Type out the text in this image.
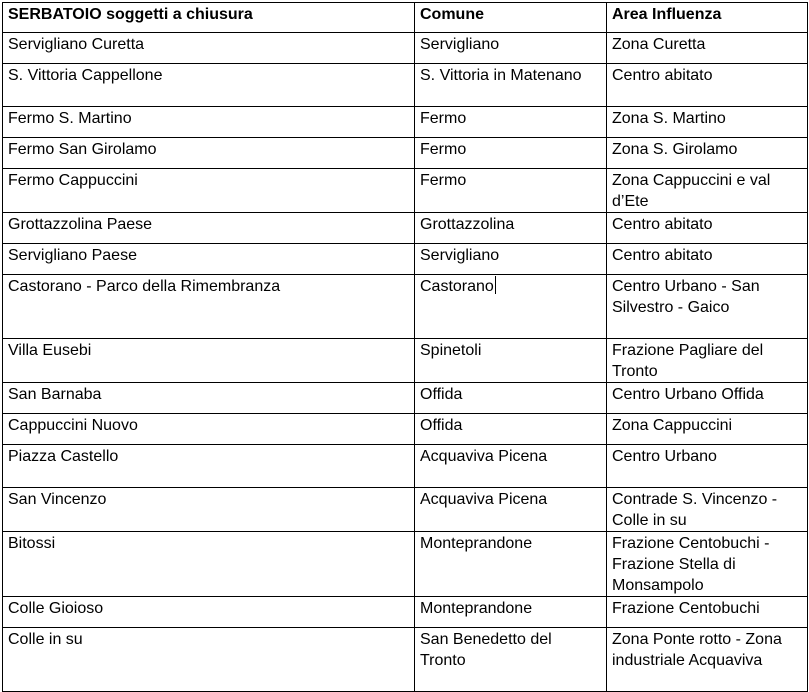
SERBATOIO soggetti a chiusura	Comune	Area Influenza
Servigliano Curetta	Servigliano	Zona Curetta
S. Vittoria Cappellone	S. Vittoria in Matenano	Centro abitato
Fermo S. Martino	Fermo	Zona S. Martino
Fermo San Girolamo	Fermo	Zona S. Girolamo
Fermo Cappuccini	Fermo	Zona Cappuccini e val d’Ete
Grottazzolina Paese	Grottazzolina	Centro abitato
Servigliano Paese	Servigliano	Centro abitato
Castorano - Parco della Rimembranza	Castorano	Centro Urbano - San Silvestro - Gaico
Villa Eusebi	Spinetoli	Frazione Pagliare del Tronto
San Barnaba	Offida	Centro Urbano Offida
Cappuccini Nuovo	Offida	Zona Cappuccini
Piazza Castello	Acquaviva Picena	Centro Urbano
San Vincenzo	Acquaviva Picena	Contrade S. Vincenzo - Colle in su
Bitossi	Monteprandone	Frazione Centobuchi - Frazione Stella di Monsampolo
Colle Gioioso	Monteprandone	Frazione Centobuchi
Colle in su	San Benedetto del Tronto	Zona Ponte rotto - Zona industriale Acquaviva
